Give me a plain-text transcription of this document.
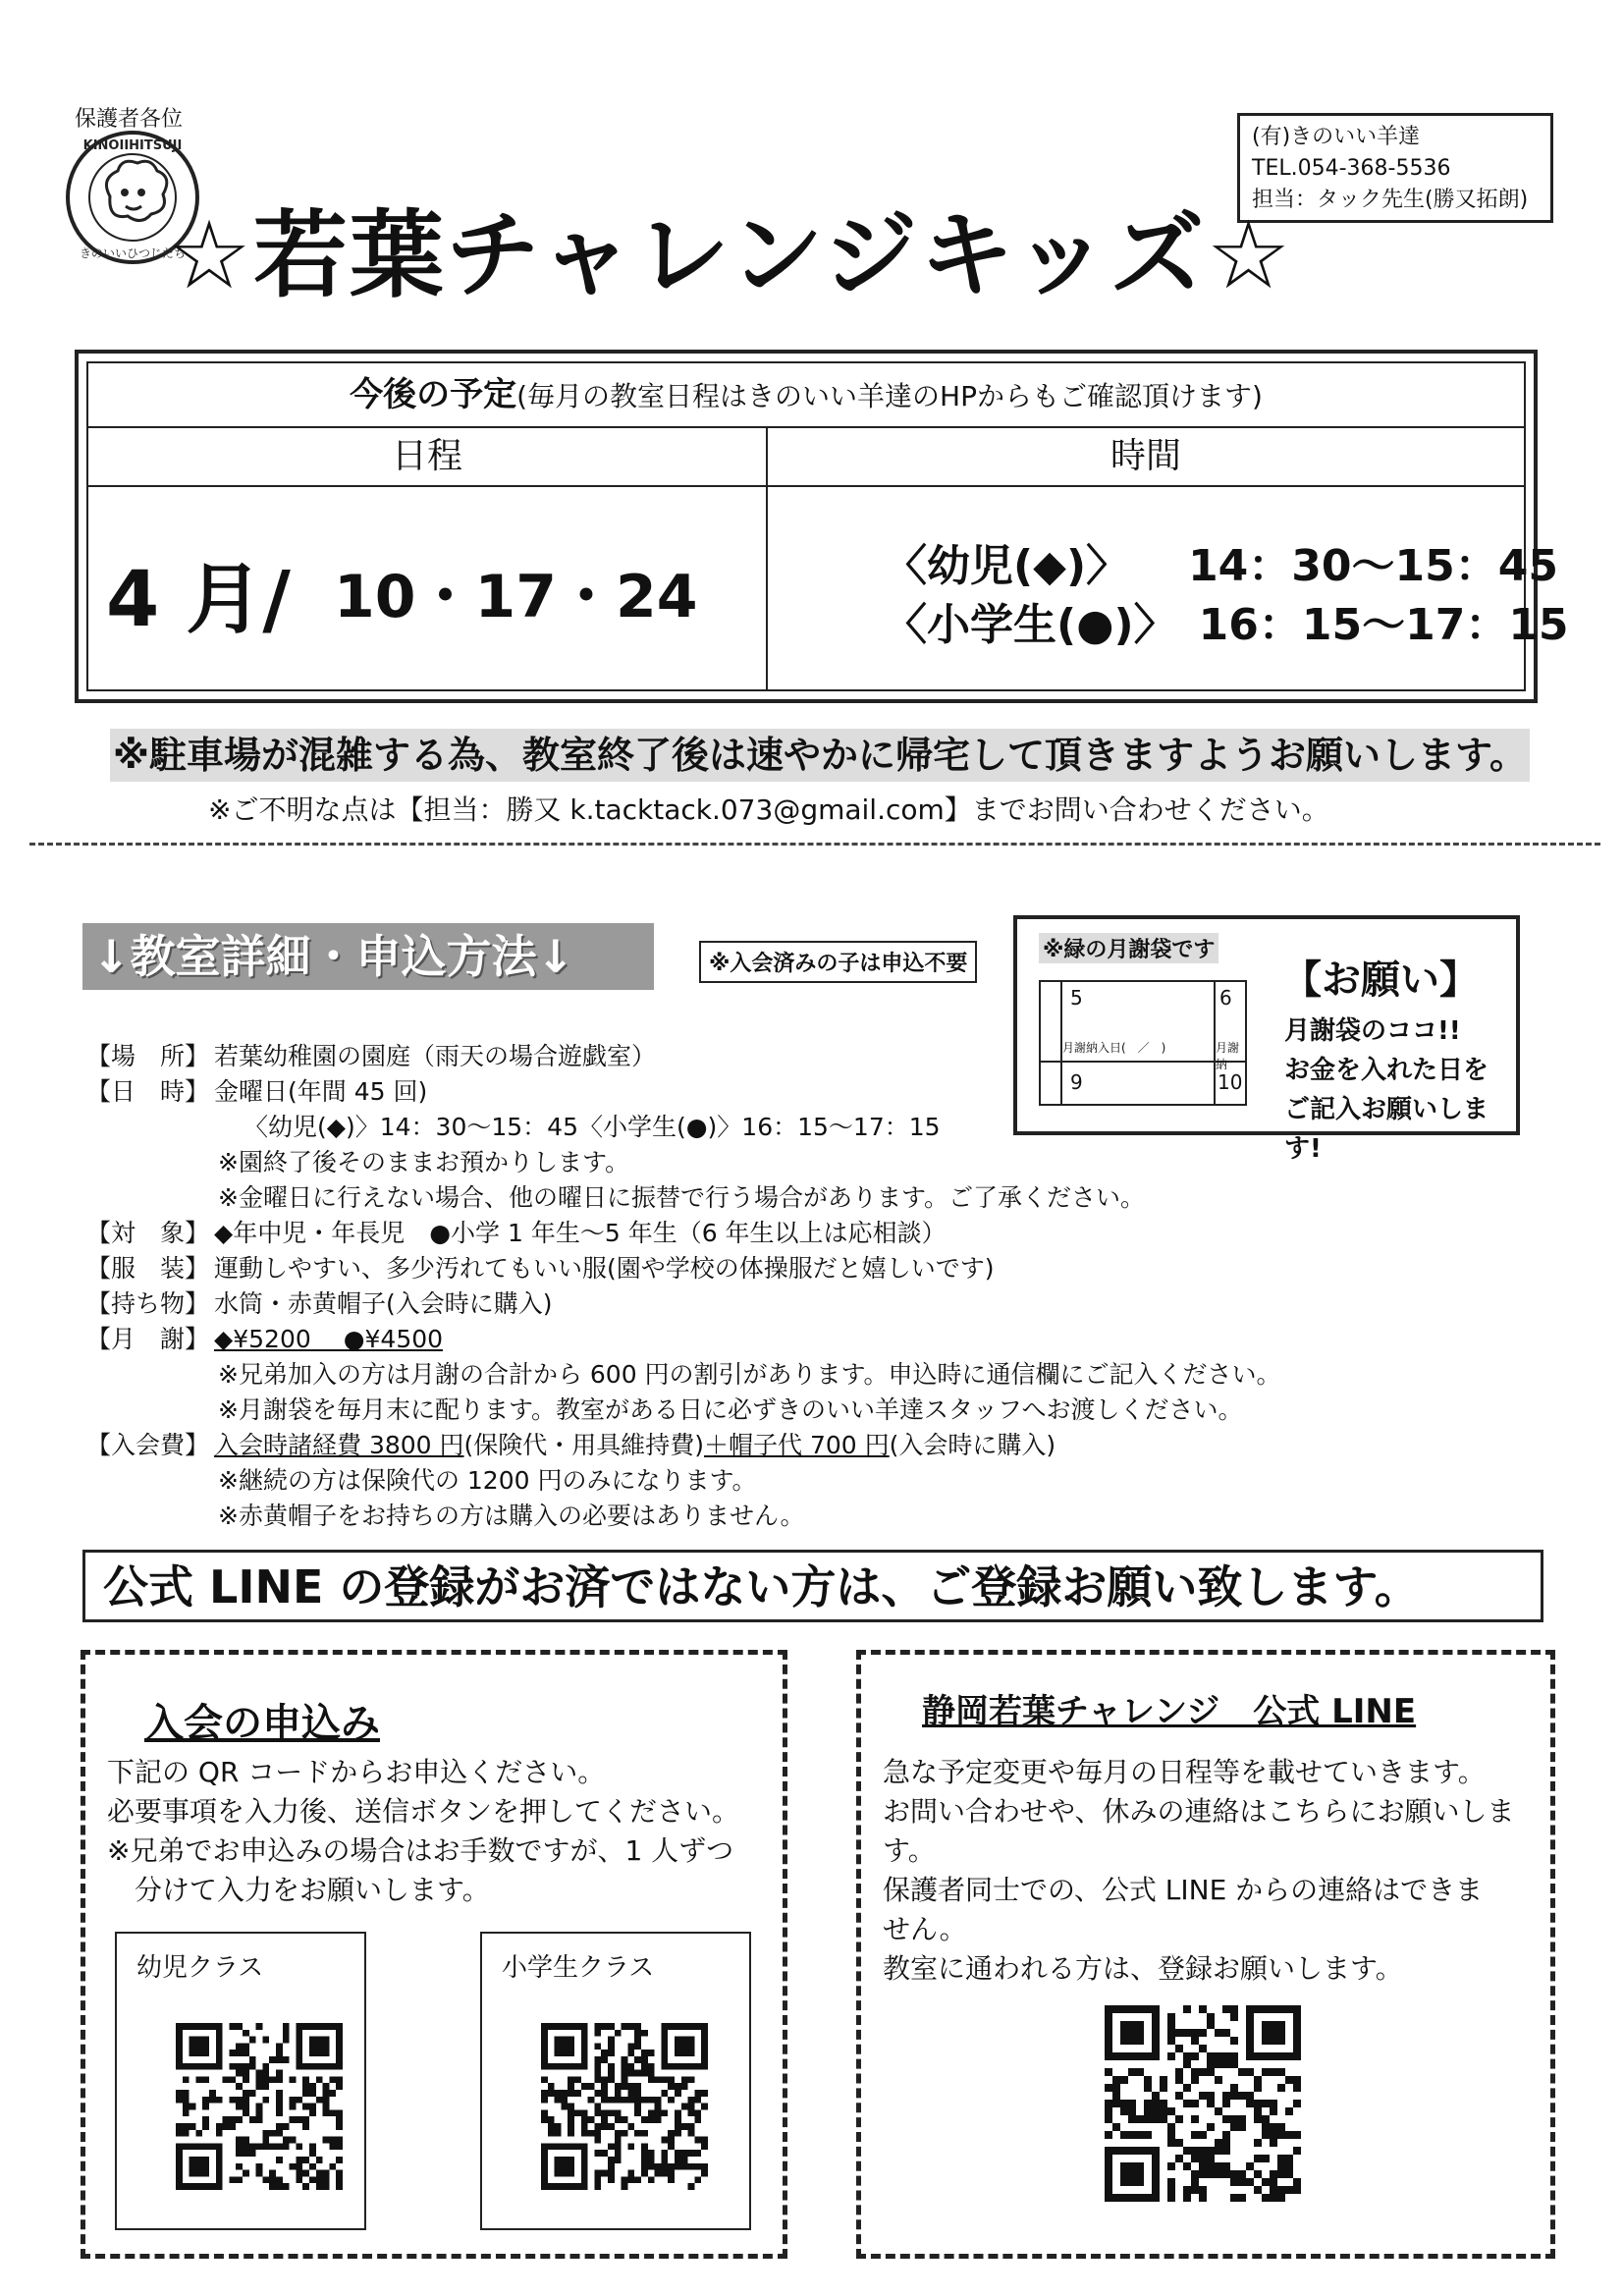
保護者各位
KINOIIHITSUJI
きのいいひつじたち
(有)きのいい羊達
TEL.054-368-5536
担当：タック先生(勝又拓朗)
☆若葉チャレンジキッズ☆
今後の予定(毎月の教室日程はきのいい羊達のHPからもご確認頂けます)
日程	時間
4 月/ 10・17・24	〈幼児(◆)〉 14：30〜15：45
〈小学生(●)〉 16：15〜17：15
※駐車場が混雑する為、教室終了後は速やかに帰宅して頂きますようお願いします。
※ご不明な点は【担当：勝又 k.tacktack.073@gmail.com】までお問い合わせください。
↓教室詳細・申込方法↓	※入会済みの子は申込不要
※緑の月謝袋です
5	6
月謝納入日(　／　)	月謝納
9	10
【お願い】
月謝袋のココ!!
お金を入れた日を
ご記入お願いします!
【場　所】 若葉幼稚園の園庭（雨天の場合遊戯室）
【日　時】 金曜日(年間 45 回)
〈幼児(◆)〉14：30〜15：45〈小学生(●)〉16：15〜17：15
※園終了後そのままお預かりします。
※金曜日に行えない場合、他の曜日に振替で行う場合があります。ご了承ください。
【対　象】 ◆年中児・年長児　●小学 1 年生〜5 年生（6 年生以上は応相談）
【服　装】 運動しやすい、多少汚れてもいい服(園や学校の体操服だと嬉しいです)
【持ち物】 水筒・赤黄帽子(入会時に購入)
【月　謝】 ◆¥5200　 ●¥4500
※兄弟加入の方は月謝の合計から 600 円の割引があります。申込時に通信欄にご記入ください。
※月謝袋を毎月末に配ります。教室がある日に必ずきのいい羊達スタッフへお渡しください。
【入会費】 入会時諸経費 3800 円(保険代・用具維持費)＋帽子代 700 円(入会時に購入)
※継続の方は保険代の 1200 円のみになります。
※赤黄帽子をお持ちの方は購入の必要はありません。
公式 LINE の登録がお済ではない方は、ご登録お願い致します。
入会の申込み
下記の QR コードからお申込ください。
必要事項を入力後、送信ボタンを押してください。
※兄弟でお申込みの場合はお手数ですが、1 人ずつ
分けて入力をお願いします。
幼児クラス	小学生クラス
静岡若葉チャレンジ　公式 LINE
急な予定変更や毎月の日程等を載せていきます。
お問い合わせや、休みの連絡はこちらにお願いしま
す。
保護者同士での、公式 LINE からの連絡はできま
せん。
教室に通われる方は、登録お願いします。
